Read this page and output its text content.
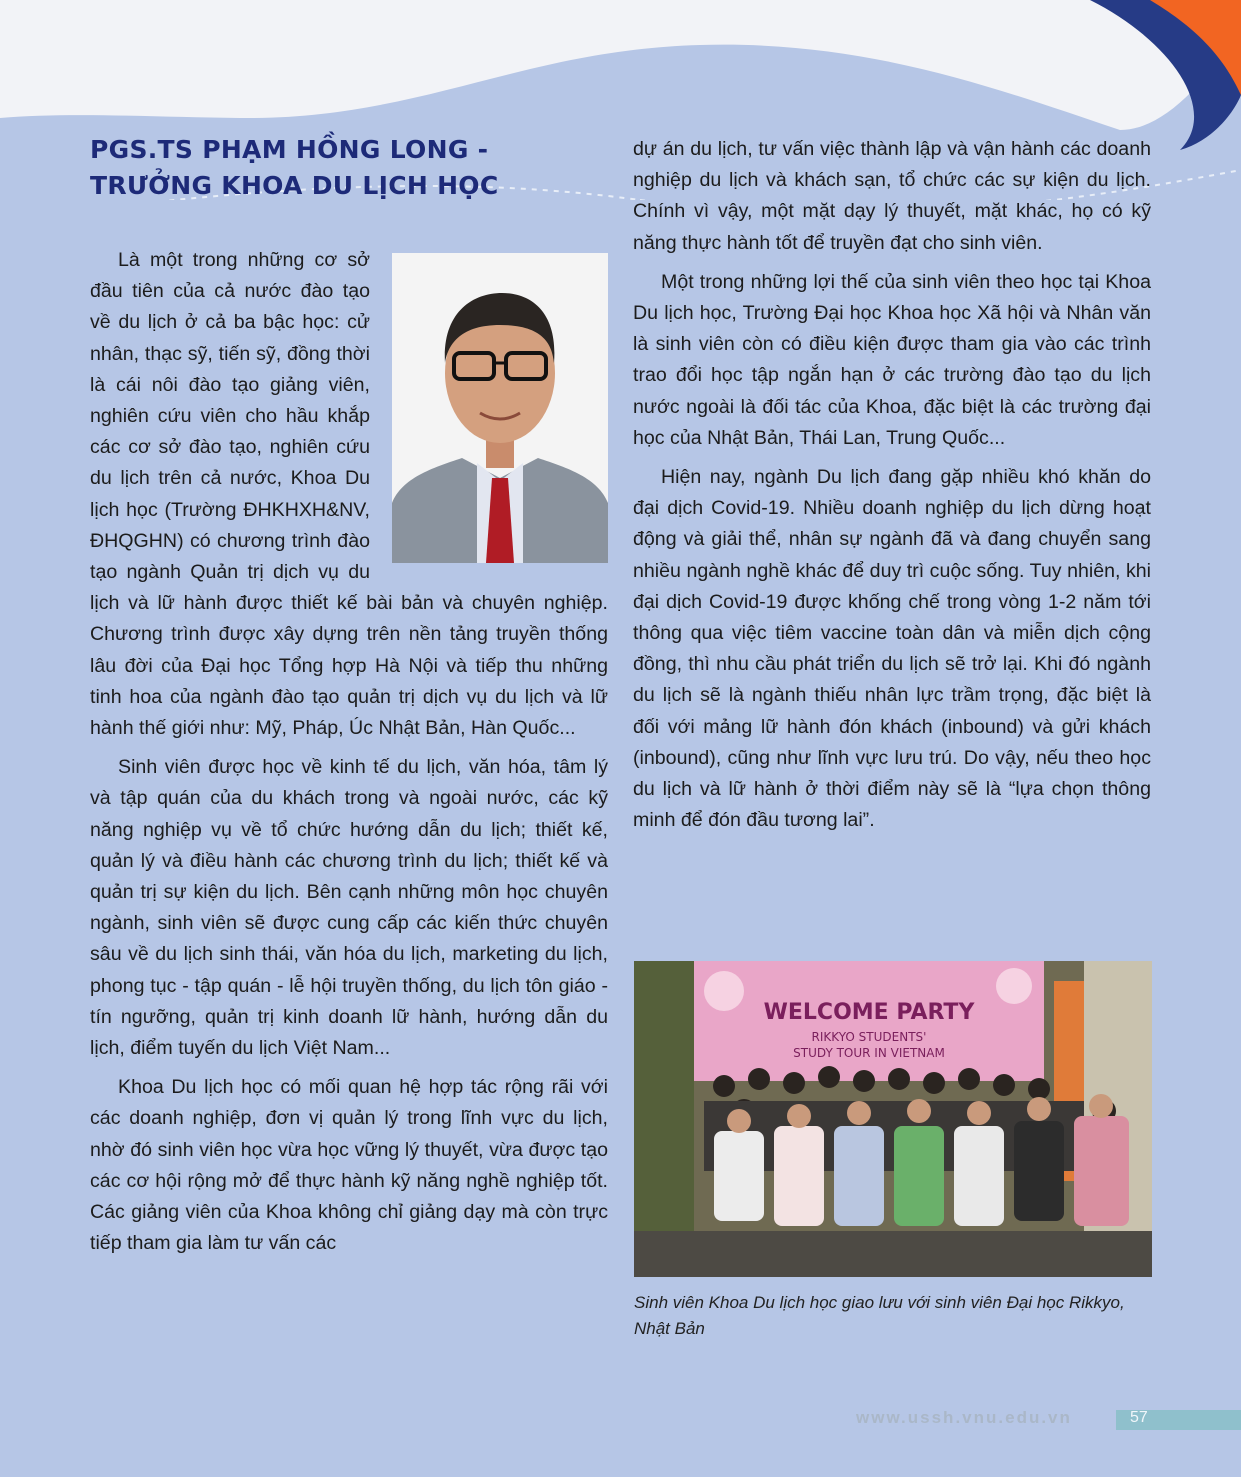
PGS.TS PHẠM HỒNG LONG - TRƯỞNG KHOA DU LỊCH HỌC

Là một trong những cơ sở đầu tiên của cả nước đào tạo về du lịch ở cả ba bậc học: cử nhân, thạc sỹ, tiến sỹ, đồng thời là cái nôi đào tạo giảng viên, nghiên cứu viên cho hầu khắp các cơ sở đào tạo, nghiên cứu du lịch trên cả nước, Khoa Du lịch học (Trường ĐHKHXH&NV, ĐHQGHN) có chương trình đào tạo ngành Quản trị dịch vụ du lịch và lữ hành được thiết kế bài bản và chuyên nghiệp. Chương trình được xây dựng trên nền tảng truyền thống lâu đời của Đại học Tổng hợp Hà Nội và tiếp thu những tinh hoa của ngành đào tạo quản trị dịch vụ du lịch và lữ hành thế giới như: Mỹ, Pháp, Úc Nhật Bản, Hàn Quốc...

Sinh viên được học về kinh tế du lịch, văn hóa, tâm lý và tập quán của du khách trong và ngoài nước, các kỹ năng nghiệp vụ về tổ chức hướng dẫn du lịch; thiết kế, quản lý và điều hành các chương trình du lịch; thiết kế và quản trị sự kiện du lịch. Bên cạnh những môn học chuyên ngành, sinh viên sẽ được cung cấp các kiến thức chuyên sâu về du lịch sinh thái, văn hóa du lịch, marketing du lịch, phong tục - tập quán - lễ hội truyền thống, du lịch tôn giáo - tín ngưỡng, quản trị kinh doanh lữ hành, hướng dẫn du lịch, điểm tuyến du lịch Việt Nam...

Khoa Du lịch học có mối quan hệ hợp tác rộng rãi với các doanh nghiệp, đơn vị quản lý trong lĩnh vực du lịch, nhờ đó sinh viên học vừa học vững lý thuyết, vừa được tạo các cơ hội rộng mở để thực hành kỹ năng nghề nghiệp tốt. Các giảng viên của Khoa không chỉ giảng dạy mà còn trực tiếp tham gia làm tư vấn các

dự án du lịch, tư vấn việc thành lập và vận hành các doanh nghiệp du lịch và khách sạn, tổ chức các sự kiện du lịch. Chính vì vậy, một mặt dạy lý thuyết, mặt khác, họ có kỹ năng thực hành tốt để truyền đạt cho sinh viên.

Một trong những lợi thế của sinh viên theo học tại Khoa Du lịch học, Trường Đại học Khoa học Xã hội và Nhân văn là sinh viên còn có điều kiện được tham gia vào các trình trao đổi học tập ngắn hạn ở các trường đào tạo du lịch nước ngoài là đối tác của Khoa, đặc biệt là các trường đại học của Nhật Bản, Thái Lan, Trung Quốc...

Hiện nay, ngành Du lịch đang gặp nhiều khó khăn do đại dịch Covid-19. Nhiều doanh nghiệp du lịch dừng hoạt động và giải thể, nhân sự ngành đã và đang chuyển sang nhiều ngành nghề khác để duy trì cuộc sống. Tuy nhiên, khi đại dịch Covid-19 được khống chế trong vòng 1-2 năm tới thông qua việc tiêm vaccine toàn dân và miễn dịch cộng đồng, thì nhu cầu phát triển du lịch sẽ trở lại. Khi đó ngành du lịch sẽ là ngành thiếu nhân lực trầm trọng, đặc biệt là đối với mảng lữ hành đón khách (inbound) và gửi khách (inbound), cũng như lĩnh vực lưu trú. Do vậy, nếu theo học du lịch và lữ hành ở thời điểm này sẽ là “lựa chọn thông minh để đón đầu tương lai”.

WELCOME PARTY
RIKKYO STUDENTS'
STUDY TOUR IN VIETNAM

Sinh viên Khoa Du lịch học giao lưu với sinh viên Đại học Rikkyo, Nhật Bản

www.ussh.vnu.edu.vn	57
